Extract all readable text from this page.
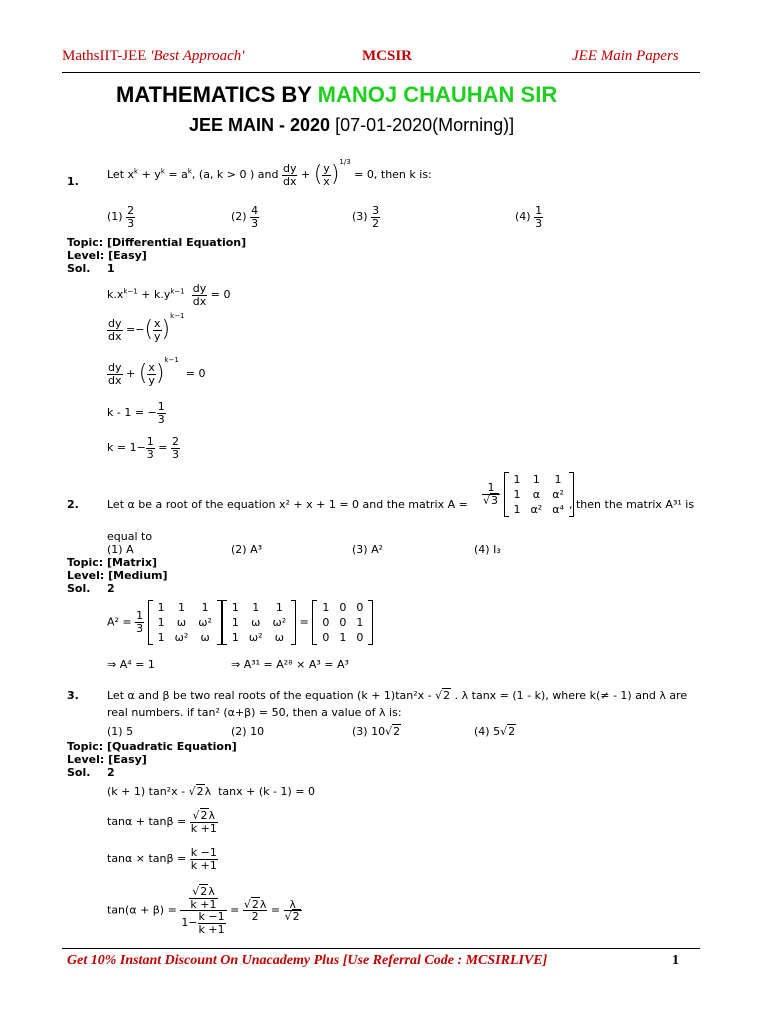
MathsIIT-JEE 'Best Approach'	MCSIR	JEE Main Papers
MATHEMATICS BY MANOJ CHAUHAN SIR
JEE MAIN - 2020 [07-01-2020(Morning)]
1.
Let $x^k + y^k = a^k$, (a, k > 0 ) and $\frac{dy}{dx}$ + ( $\frac{y}{x} )^{1/3} = 0$, then k is:
$(1) \frac{2}{3}$	$(2) \frac{4}{3}$	$(3) \frac{3}{2}$	$(4) \frac{1}{3}$
Topic: [Differential Equation]
Level: [Easy]
Sol. 1
$k.x^{k-1} + k.y^{k-1} \frac{dy}{dx} = 0$
$\frac{dy}{dx}$ =−( $\frac{x}{y} )^{k-1}$
$\frac{dy}{dx}$ + ( $\frac{x}{y} )^{k-1} = 0$
k - 1 = − $\frac{1}{3}$
$k = 1- \frac{1}{3} = \frac{2}{3}$
2.	Let α be a root of the equation x² + x + 1 = 0 and the matrix $A = \frac{1}{√3}$

1	1	1
1	α	α²
1	α²	α⁴ , then the matrix A³¹ is
equal to
(1) A	(2) A³	(3) A²	(4) I₃
Topic: [Matrix]
Level: [Medium]
Sol. 2
$A^2 = \frac{1}{3}$

1	1	1
1	ω	ω²
1	ω²	ω
1	1	1
1	ω	ω²
1	ω²	ω
=
1	0	0
0	0	1
0	1	0
⇒ A⁴ = 1	⇒ A³¹ = A²⁸ × A³ = A³
3.	Let α and β be two real roots of the equation (k + 1)tan²x - √2 . λ tanx = (1 - k), where k(≠ - 1) and λ are
real numbers. if tan² (α+β) = 50, then a value of λ is:
(1) 5	(2) 10	(3) 10√2	(4) 5√2
Topic: [Quadratic Equation]
Level: [Easy]
Sol. 2
(k + 1) tan²x - √2λ  tanx + (k - 1) = 0
$\tan\alpha + \tan\beta = \frac{√2\lambda}{k +1}$
$\tan\alpha \times \tan\beta = \frac{k -1}{k +1}$
$\tan(\alpha + \beta) = \frac{\frac{√2\lambda}{k +1}}{1- \frac{k -1}{k +1}} = \frac{√2\lambda}{2} = \frac{\lambda}{√2}$
Get 10% Instant Discount On Unacademy Plus [Use Referral Code : MCSIRLIVE]	1
